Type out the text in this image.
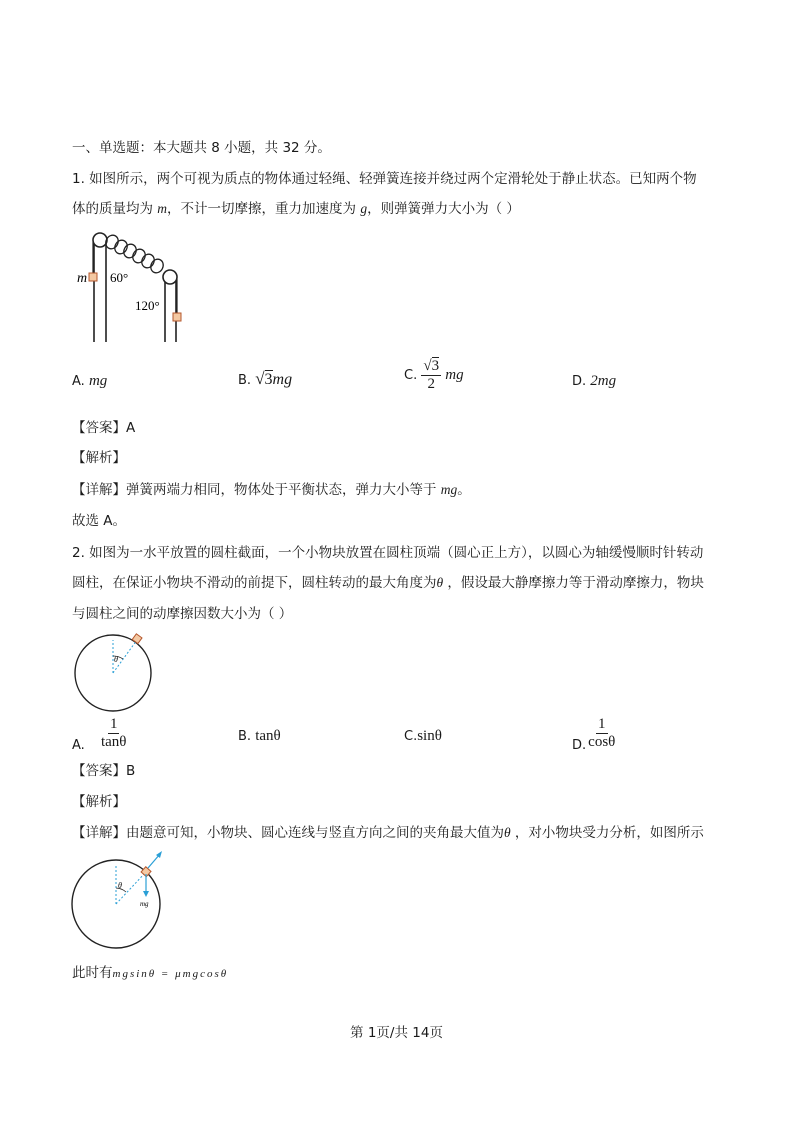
一、单选题：本大题共 8 小题，共 32 分。
1. 如图所示，两个可视为质点的物体通过轻绳、轻弹簧连接并绕过两个定滑轮处于静止状态。已知两个物
体的质量均为 m，不计一切摩擦，重力加速度为 g，则弹簧弹力大小为（ ）
m 60°
120°
A. mg	B. √3mg	C. $\frac{√3}{2}$ mg	D. 2mg
【答案】A
【解析】
【详解】弹簧两端力相同，物体处于平衡状态，弹力大小等于 mg。
故选 A。
2. 如图为一水平放置的圆柱截面，一个小物块放置在圆柱顶端（圆心正上方），以圆心为轴缓慢顺时针转动
圆柱，在保证小物块不滑动的前提下，圆柱转动的最大角度为θ ，假设最大静摩擦力等于滑动摩擦力，物块
与圆柱之间的动摩擦因数大小为（ ）
θ
A. $\frac{1}{\tan\theta}$	B. tanθ	C.sinθ
D. $\frac{1}{\cos\theta}$
【答案】B
【解析】
【详解】由题意可知，小物块、圆心连线与竖直方向之间的夹角最大值为θ ，对小物块受力分析，如图所示
θ
mg
此时有mgsinθ = μmgcosθ
第 1页/共 14页
